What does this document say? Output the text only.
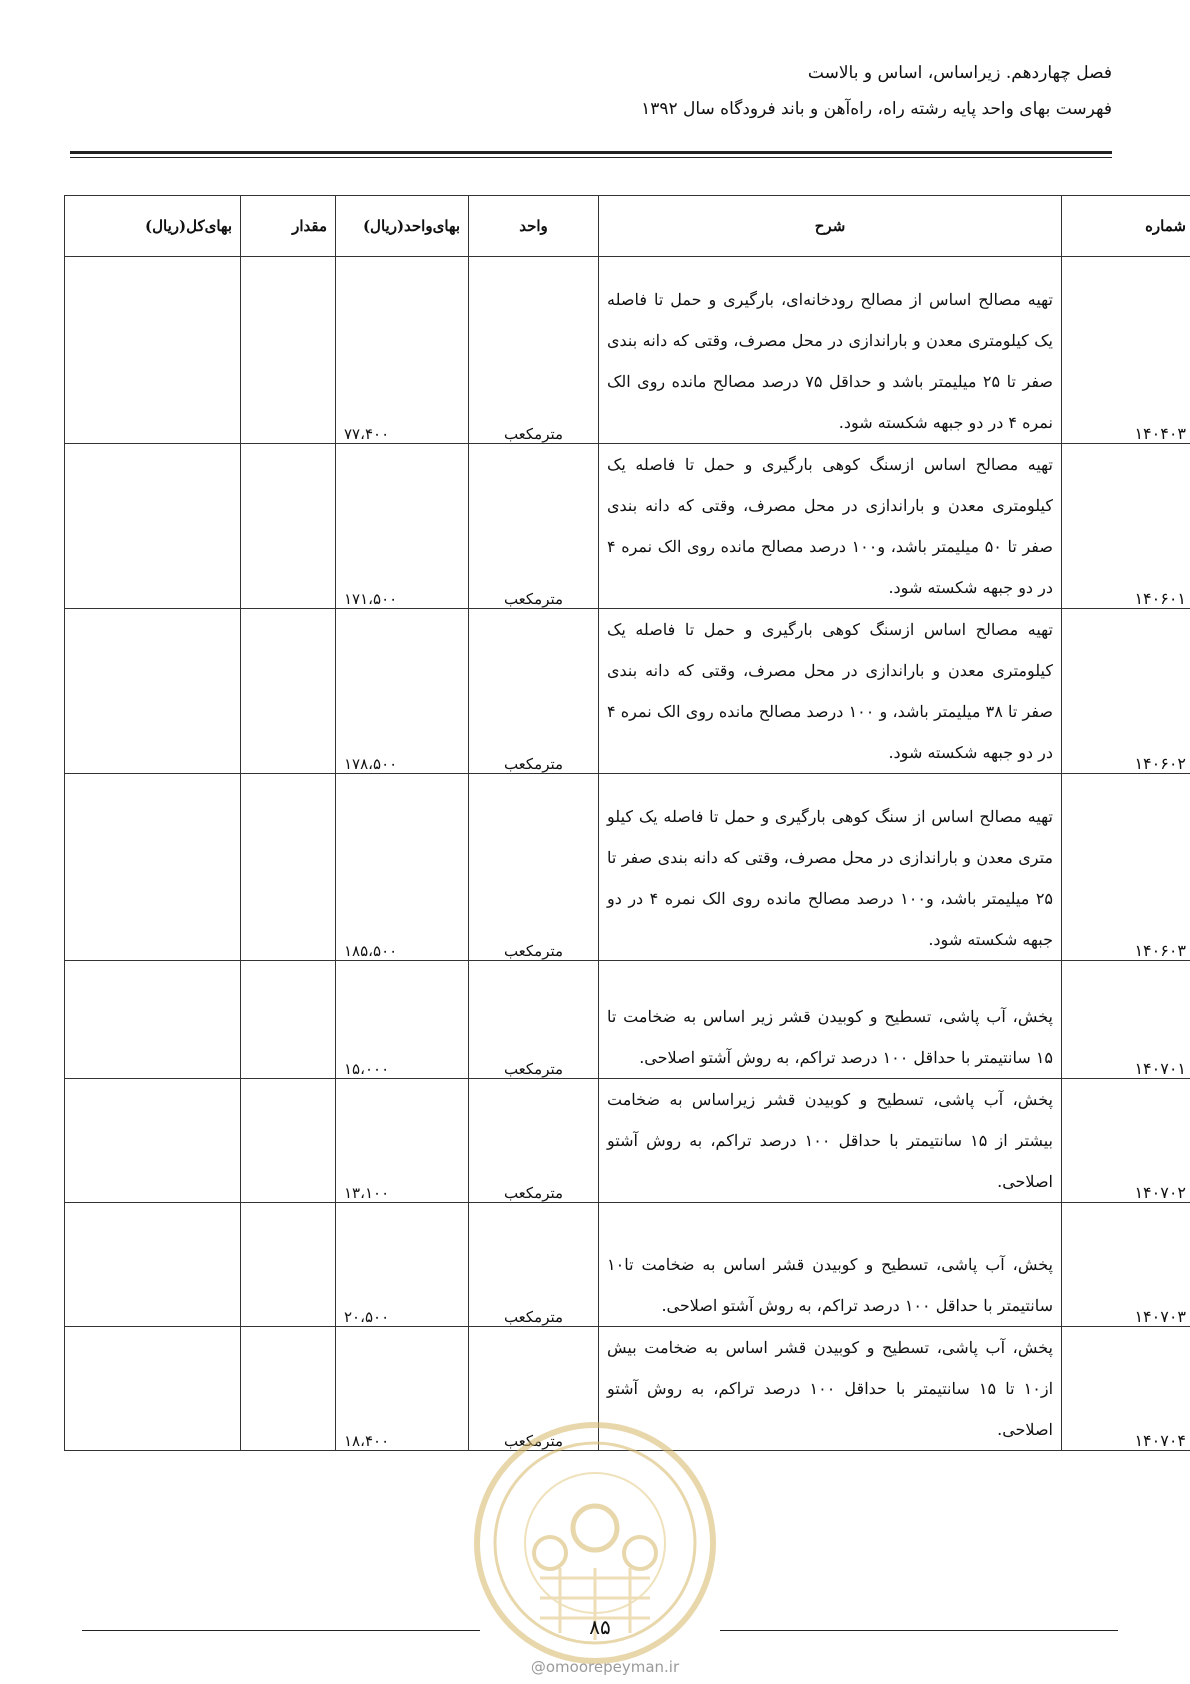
فصل چهاردهم. زیراساس، اساس و بالاست
فهرست بهای واحد پایه رشته راه، راه‌آهن و باند فرودگاه سال ۱۳۹۲
شماره	شرح	واحد	بهای‌واحد(ریال)	مقدار	بهای‌کل(ریال)
۱۴۰۴۰۳	تهیه مصالح اساس از مصالح رودخانه‌ای، بارگیری و حمل تا فاصله یک کیلومتری معدن و باراندازی در محل مصرف، وقتی که دانه بندی صفر تا ۲۵ میلیمتر باشد و حداقل ۷۵ درصد مصالح مانده روی الک نمره ۴ در دو جبهه شکسته شود.	مترمکعب	۷۷،۴۰۰		
۱۴۰۶۰۱	تهیه مصالح اساس ازسنگ کوهی بارگیری و حمل تا فاصله یک کیلومتری معدن و باراندازی در محل مصرف، وقتی که دانه بندی صفر تا ۵۰ میلیمتر باشد، و۱۰۰ درصد مصالح مانده روی الک نمره ۴ در دو جبهه شکسته شود.	مترمکعب	۱۷۱،۵۰۰		
۱۴۰۶۰۲	تهیه مصالح اساس ازسنگ کوهی بارگیری و حمل تا فاصله یک کیلومتری معدن و باراندازی در محل مصرف، وقتی که دانه بندی صفر تا ۳۸ میلیمتر باشد، و ۱۰۰ درصد مصالح مانده روی الک نمره ۴ در دو جبهه شکسته شود.	مترمکعب	۱۷۸،۵۰۰		
۱۴۰۶۰۳	تهیه مصالح اساس از سنگ کوهی بارگیری و حمل تا فاصله یک کیلو متری معدن و باراندازی در محل مصرف، وقتی که دانه بندی صفر تا ۲۵ میلیمتر باشد، و۱۰۰ درصد مصالح مانده روی الک نمره ۴ در دو جبهه شکسته شود.	مترمکعب	۱۸۵،۵۰۰		
۱۴۰۷۰۱	پخش، آب پاشی، تسطیح و کوبیدن قشر زیر اساس به ضخامت تا ۱۵ سانتیمتر با حداقل ۱۰۰ درصد تراکم، به روش آشتو اصلاحی.	مترمکعب	۱۵،۰۰۰		
۱۴۰۷۰۲	پخش، آب پاشی، تسطیح و کوبیدن قشر زیراساس به ضخامت بیشتر از ۱۵ سانتیمتر با حداقل ۱۰۰ درصد تراکم، به روش آشتو اصلاحی.	مترمکعب	۱۳،۱۰۰		
۱۴۰۷۰۳	پخش، آب پاشی، تسطیح و کوبیدن قشر اساس به ضخامت تا۱۰ سانتیمتر با حداقل ۱۰۰ درصد تراکم، به روش آشتو اصلاحی.	مترمکعب	۲۰،۵۰۰		
۱۴۰۷۰۴	پخش، آب پاشی، تسطیح و کوبیدن قشر اساس به ضخامت بیش از۱۰ تا ۱۵ سانتیمتر با حداقل ۱۰۰ درصد تراکم، به روش آشتو اصلاحی.	مترمکعب	۱۸،۴۰۰		
۸۵
@omoorepeyman.ir
